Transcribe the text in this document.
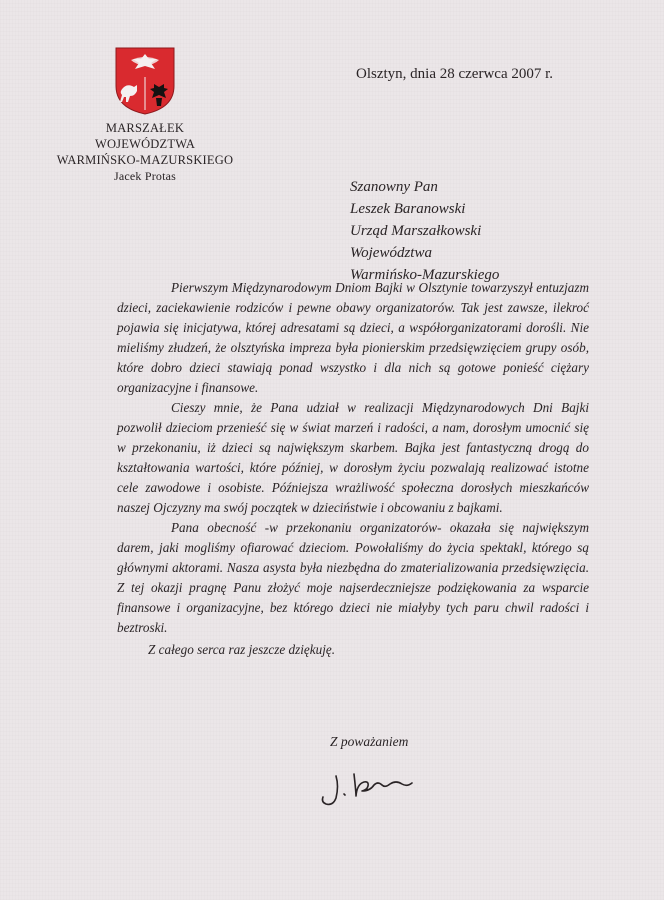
MARSZAŁEK
WOJEWÓDZTWA
WARMIŃSKO-MAZURSKIEGO
Jacek Protas
Olsztyn, dnia 28 czerwca 2007 r.
Szanowny Pan
Leszek Baranowski
Urząd Marszałkowski
Województwa
Warmińsko-Mazurskiego

Pierwszym Międzynarodowym Dniom Bajki w Olsztynie towarzyszył entuzjazm dzieci, zaciekawienie rodziców i pewne obawy organizatorów. Tak jest zawsze, ilekroć pojawia się inicjatywa, której adresatami są dzieci, a współorganizatorami dorośli. Nie mieliśmy złudzeń, że olsztyńska impreza była pionierskim przedsięwzięciem grupy osób, które dobro dzieci stawiają ponad wszystko i dla nich są gotowe ponieść ciężary organizacyjne i finansowe.

Cieszy mnie, że Pana udział w realizacji Międzynarodowych Dni Bajki pozwolił dzieciom przenieść się w świat marzeń i radości, a nam, dorosłym umocnić się w przekonaniu, iż dzieci są największym skarbem. Bajka jest fantastyczną drogą do kształtowania wartości, które później, w dorosłym życiu pozwalają realizować istotne cele zawodowe i osobiste. Późniejsza wrażliwość społeczna dorosłych mieszkańców naszej Ojczyzny ma swój początek w dzieciństwie i obcowaniu z bajkami.

Pana obecność -w przekonaniu organizatorów- okazała się największym darem, jaki mogliśmy ofiarować dzieciom. Powołaliśmy do życia spektakl, którego są głównymi aktorami. Nasza asysta była niezbędna do zmaterializowania przedsięwzięcia. Z tej okazji pragnę Panu złożyć moje najserdeczniejsze podziękowania za wsparcie finansowe i organizacyjne, bez którego dzieci nie miałyby tych paru chwil radości i beztroski.

Z całego serca raz jeszcze dziękuję.

Z poważaniem
